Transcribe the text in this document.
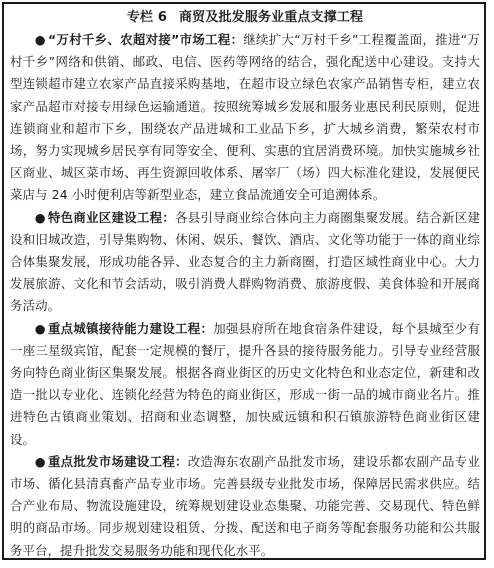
专栏 6 商贸及批发服务业重点支撑工程

● “万村千乡、农超对接”市场工程：继续扩大“万村千乡”工程覆盖面，推进“万村千乡”网络和供销、邮政、电信、医药等网络的结合，强化配送中心建设。支持大型连锁超市建立农家产品直接采购基地，在超市设立绿色农家产品销售专柜，建立农家产品超市对接专用绿色运输通道。按照统筹城乡发展和服务业惠民利民原则，促进连锁商业和超市下乡，围绕农产品进城和工业品下乡，扩大城乡消费，繁荣农村市场，努力实现城乡居民享有同等安全、便利、实惠的宜居消费环境。加快实施城乡社区商业、城区菜市场、再生资源回收体系、屠宰厂（场）四大标准化建设，发展便民菜店与 24 小时便利店等新型业态，建立食品流通安全可追溯体系。

● 特色商业区建设工程：各县引导商业综合体向主力商圈集聚发展。结合新区建设和旧城改造，引导集购物、休闲、娱乐、餐饮、酒店、文化等功能于一体的商业综合体集聚发展，形成功能各异、业态复合的主力新商圈，打造区域性商业中心。大力发展旅游、文化和节会活动，吸引消费人群购物消费、旅游度假、美食体验和开展商务活动。

● 重点城镇接待能力建设工程：加强县府所在地食宿条件建设，每个县城至少有一座三星级宾馆，配套一定规模的餐厅，提升各县的接待服务能力。引导专业经营服务向特色商业街区集聚发展。根据各商业街区的历史文化特色和业态定位，新建和改造一批以专业化、连锁化经营为特色的商业街区，形成一街一品的城市商业名片。推进特色古镇商业策划、招商和业态调整，加快威远镇和积石镇旅游特色商业街区建设。

● 重点批发市场建设工程：改造海东农副产品批发市场，建设乐都农副产品专业市场、循化县清真畜产品专业市场。完善县级专业批发市场，保障居民需求供应。结合产业布局、物流设施建设，统筹规划建设业态集聚、功能完善、交易现代、特色鲜明的商品市场。同步规划建设租赁、分拨、配送和电子商务等配套服务功能和公共服务平台，提升批发交易服务功能和现代化水平。
